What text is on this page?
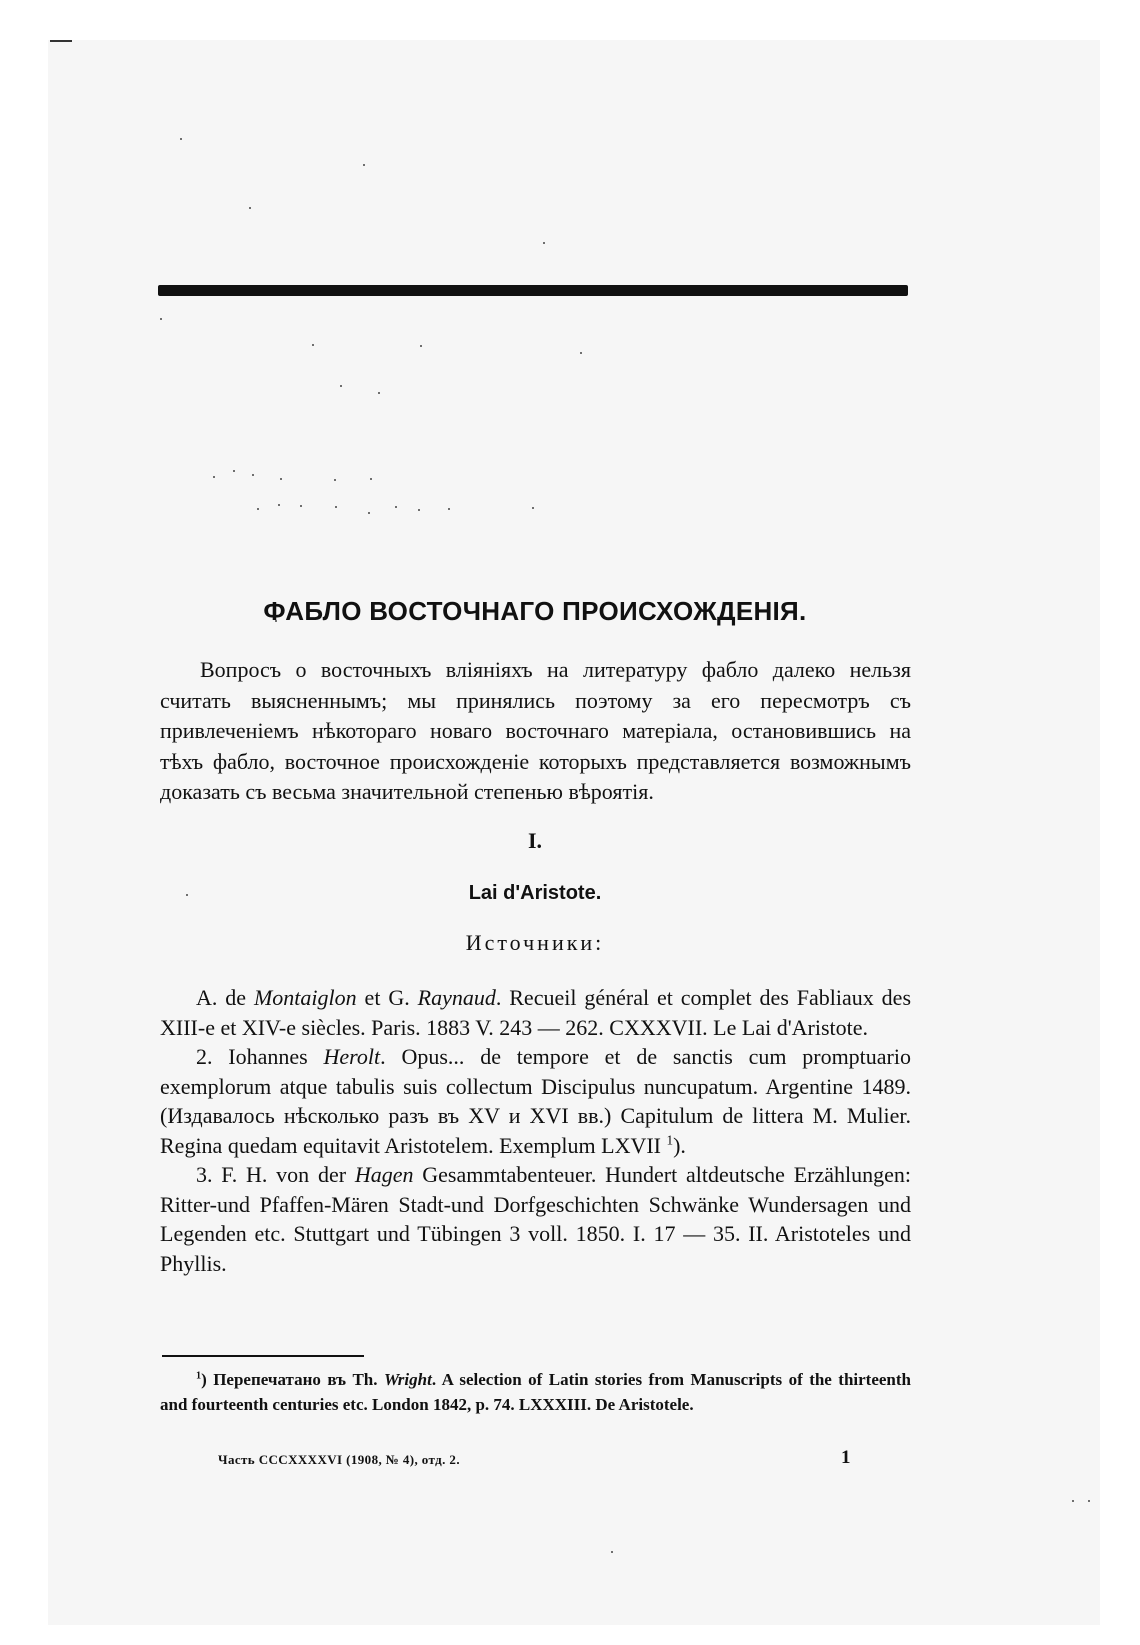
ФАБЛО ВОСТОЧНАГО ПРОИСХОЖДЕНІЯ.

Вопросъ о восточныхъ вліяніяхъ на литературу фабло далеко нельзя считать выясненнымъ; мы принялись поэтому за его пересмотръ съ привлеченіемъ нѣкотораго новаго восточнаго матеріала, остановившись на тѣхъ фабло, восточное происхожденіе которыхъ представляется возможнымъ доказать съ весьма значительной степенью вѣроятія.

I.

Lai d'Aristote.

Источники:

A. de Montaiglon et G. Raynaud. Recueil général et complet des Fabliaux des XIII-e et XIV-e siècles. Paris. 1883 V. 243 — 262. CXXXVII. Le Lai d'Aristote.

2. Iohannes Herolt. Opus... de tempore et de sanctis cum promptuario exemplorum atque tabulis suis collectum Discipulus nuncupatum. Argentine 1489. (Издавалось нѣсколько разъ въ XV и XVI вв.) Capitulum de littera M. Mulier. Regina quedam equitavit Aristotelem. Exemplum LXVII $^1$).

3. F. H. von der Hagen Gesammtabenteuer. Hundert altdeutsche Erzählungen: Ritter-und Pfaffen-Mären Stadt-und Dorfgeschichten Schwänke Wundersagen und Legenden etc. Stuttgart und Tübingen 3 voll. 1850. I. 17 — 35. II. Aristoteles und Phyllis.

$^1$) Перепечатано въ Th. Wright. A selection of Latin stories from Manuscripts of the thirteenth and fourteenth centuries etc. London 1842, p. 74. LXXXIII. De Aristotele.

Часть CCCXXXXVI (1908, № 4), отд. 2.	1
